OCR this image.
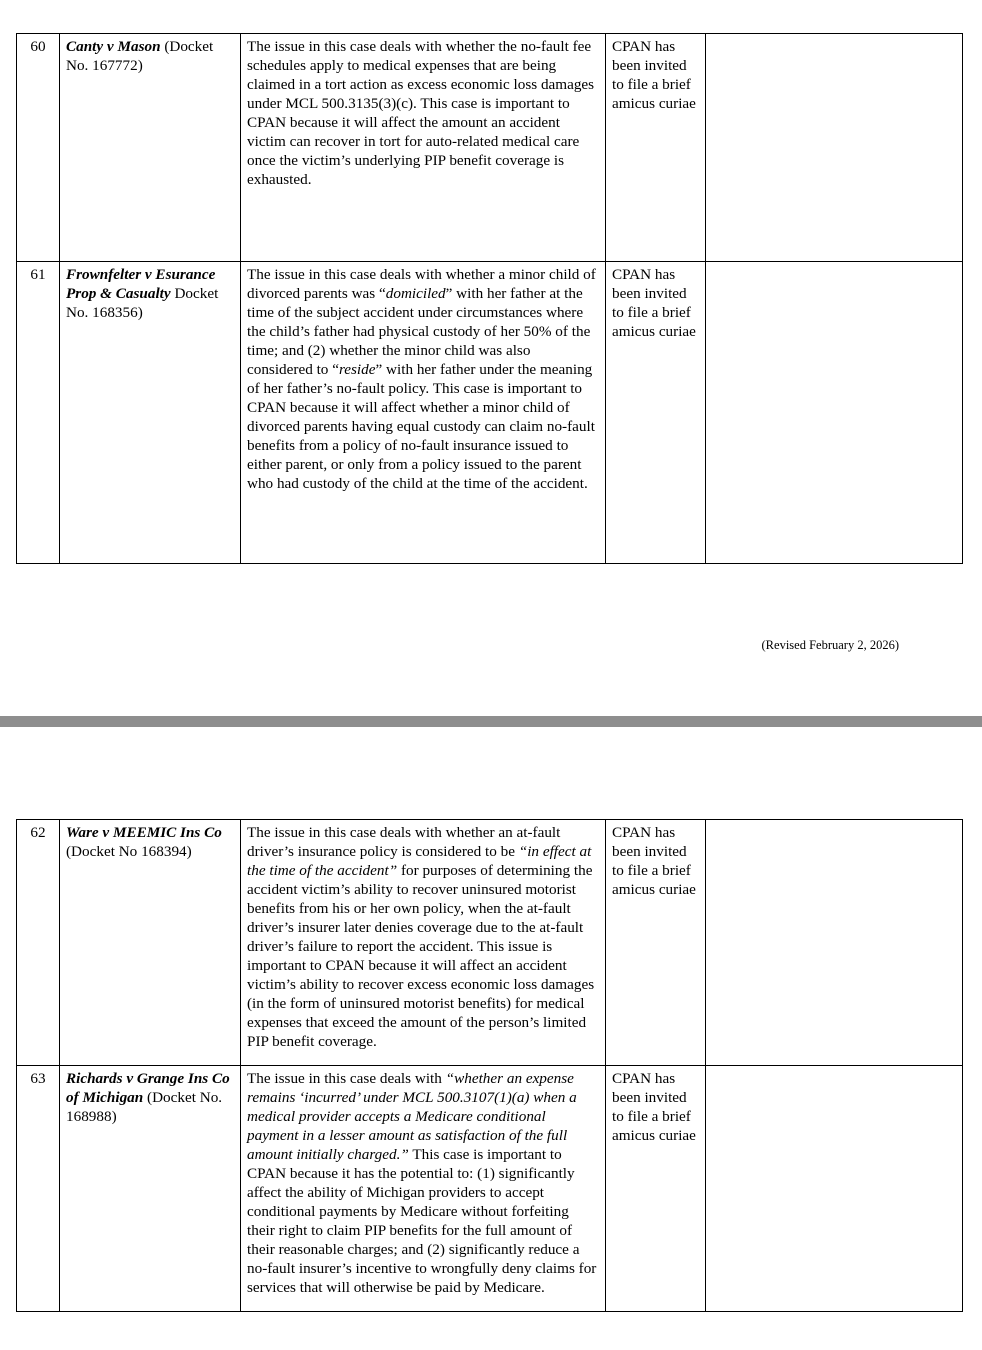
60	Canty v Mason (Docket No. 167772)	The issue in this case deals with whether the no-fault fee schedules apply to medical expenses that are being claimed in a tort action as excess economic loss damages under MCL 500.3135(3)(c). This case is important to CPAN because it will affect the amount an accident victim can recover in tort for auto-related medical care once the victim’s underlying PIP benefit coverage is exhausted.	CPAN has been invited to file a brief amicus curiae	
61	Frownfelter v Esurance Prop & Casualty Docket No. 168356)	The issue in this case deals with whether a minor child of divorced parents was “domiciled” with her father at the time of the subject accident under circumstances where the child’s father had physical custody of her 50% of the time; and (2) whether the minor child was also considered to “reside” with her father under the meaning of her father’s no-fault policy. This case is important to CPAN because it will affect whether a minor child of divorced parents having equal custody can claim no-fault benefits from a policy of no-fault insurance issued to either parent, or only from a policy issued to the parent who had custody of the child at the time of the accident.	CPAN has been invited to file a brief amicus curiae	
(Revised February 2, 2026)
62	Ware v MEEMIC Ins Co (Docket No 168394)	The issue in this case deals with whether an at-fault driver’s insurance policy is considered to be “in effect at the time of the accident” for purposes of determining the accident victim’s ability to recover uninsured motorist benefits from his or her own policy, when the at-fault driver’s insurer later denies coverage due to the at-fault driver’s failure to report the accident. This issue is important to CPAN because it will affect an accident victim’s ability to recover excess economic loss damages (in the form of uninsured motorist benefits) for medical expenses that exceed the amount of the person’s limited PIP benefit coverage.	CPAN has been invited to file a brief amicus curiae	
63	Richards v Grange Ins Co of Michigan (Docket No. 168988)	The issue in this case deals with “whether an expense remains ‘incurred’ under MCL 500.3107(1)(a) when a medical provider accepts a Medicare conditional payment in a lesser amount as satisfaction of the full amount initially charged.” This case is important to CPAN because it has the potential to: (1) significantly affect the ability of Michigan providers to accept conditional payments by Medicare without forfeiting their right to claim PIP benefits for the full amount of their reasonable charges; and (2) significantly reduce a no-fault insurer’s incentive to wrongfully deny claims for services that will otherwise be paid by Medicare.	CPAN has been invited to file a brief amicus curiae	
